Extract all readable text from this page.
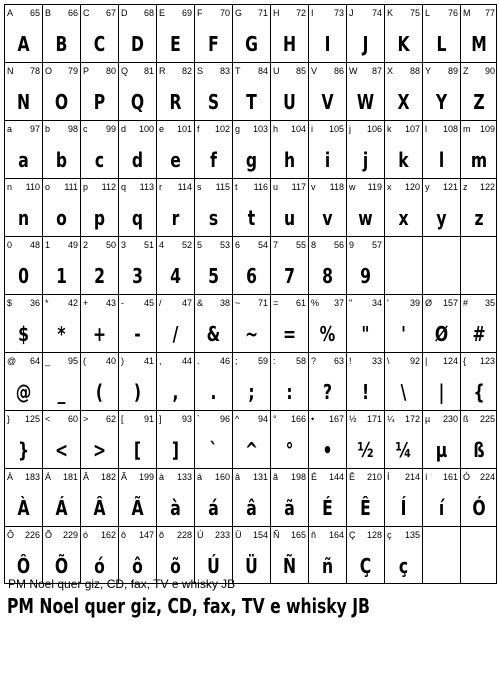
A 65
A
B 66
B
C 67
C
D 68
D
E 69
E
F 70
F
G 71
G
H 72
H
I 73
I
J 74
J
K 75
K
L 76
L
M 77
M
N 78
N
O 79
O
P 80
P
Q 81
Q
R 82
R
S 83
S
T 84
T
U 85
U
V 86
V
W 87
W
X 88
X
Y 89
Y
Z 90
Z
a 97
a
b 98
b
c 99
c
d 100
d
e 101
e
f 102
f
g 103
g
h 104
h
i 105
i
j 106
j
k 107
k
l 108
l
m 109
m
n 110
n
o 111
o
p 112
p
q 113
q
r 114
r
s 115
s
t 116
t
u 117
u
v 118
v
w 119
w
x 120
x
y 121
y
z 122
z
0 48
0
1 49
1
2 50
2
3 51
3
4 52
4
5 53
5
6 54
6
7 55
7
8 56
8
9 57
9
$ 36
$
* 42
*
+ 43
+
- 45
-
/ 47
/
& 38
&
~ 71
~
= 61
=
% 37
%
" 34
"
' 39
'
Ø 157
Ø
# 35
#
@ 64
@
_ 95
_
( 40
(
) 41
)
, 44
,
. 46
.
; 59
;
: 58
:
? 63
?
! 33
!
\ 92
\
| 124
|
{ 123
{
} 125
}
< 60
<
> 62
>
[ 91
[
] 93
]
` 96
`
^ 94
^
° 166
°
• 167
•
½ 171
½
¼ 172
¼
µ 230
µ
ß 225
ß
À 183
À
Á 181
Á
Â 182
Â
Ã 199
Ã
à 133
à
á 160
á
â 131
â
ã 198
ã
É 144
É
Ê 210
Ê
Í 214
Í
í 161
í
Ó 224
Ó
Ô 226
Ô
Õ 229
Õ
ó 162
ó
ô 147
ô
õ 228
õ
Ú 233
Ú
Ü 154
Ü
Ñ 165
Ñ
ñ 164
ñ
Ç 128
Ç
ç 135
ç
PM Noel quer giz, CD, fax, TV e whisky JB
PM Noel quer giz, CD, fax, TV e whisky JB
